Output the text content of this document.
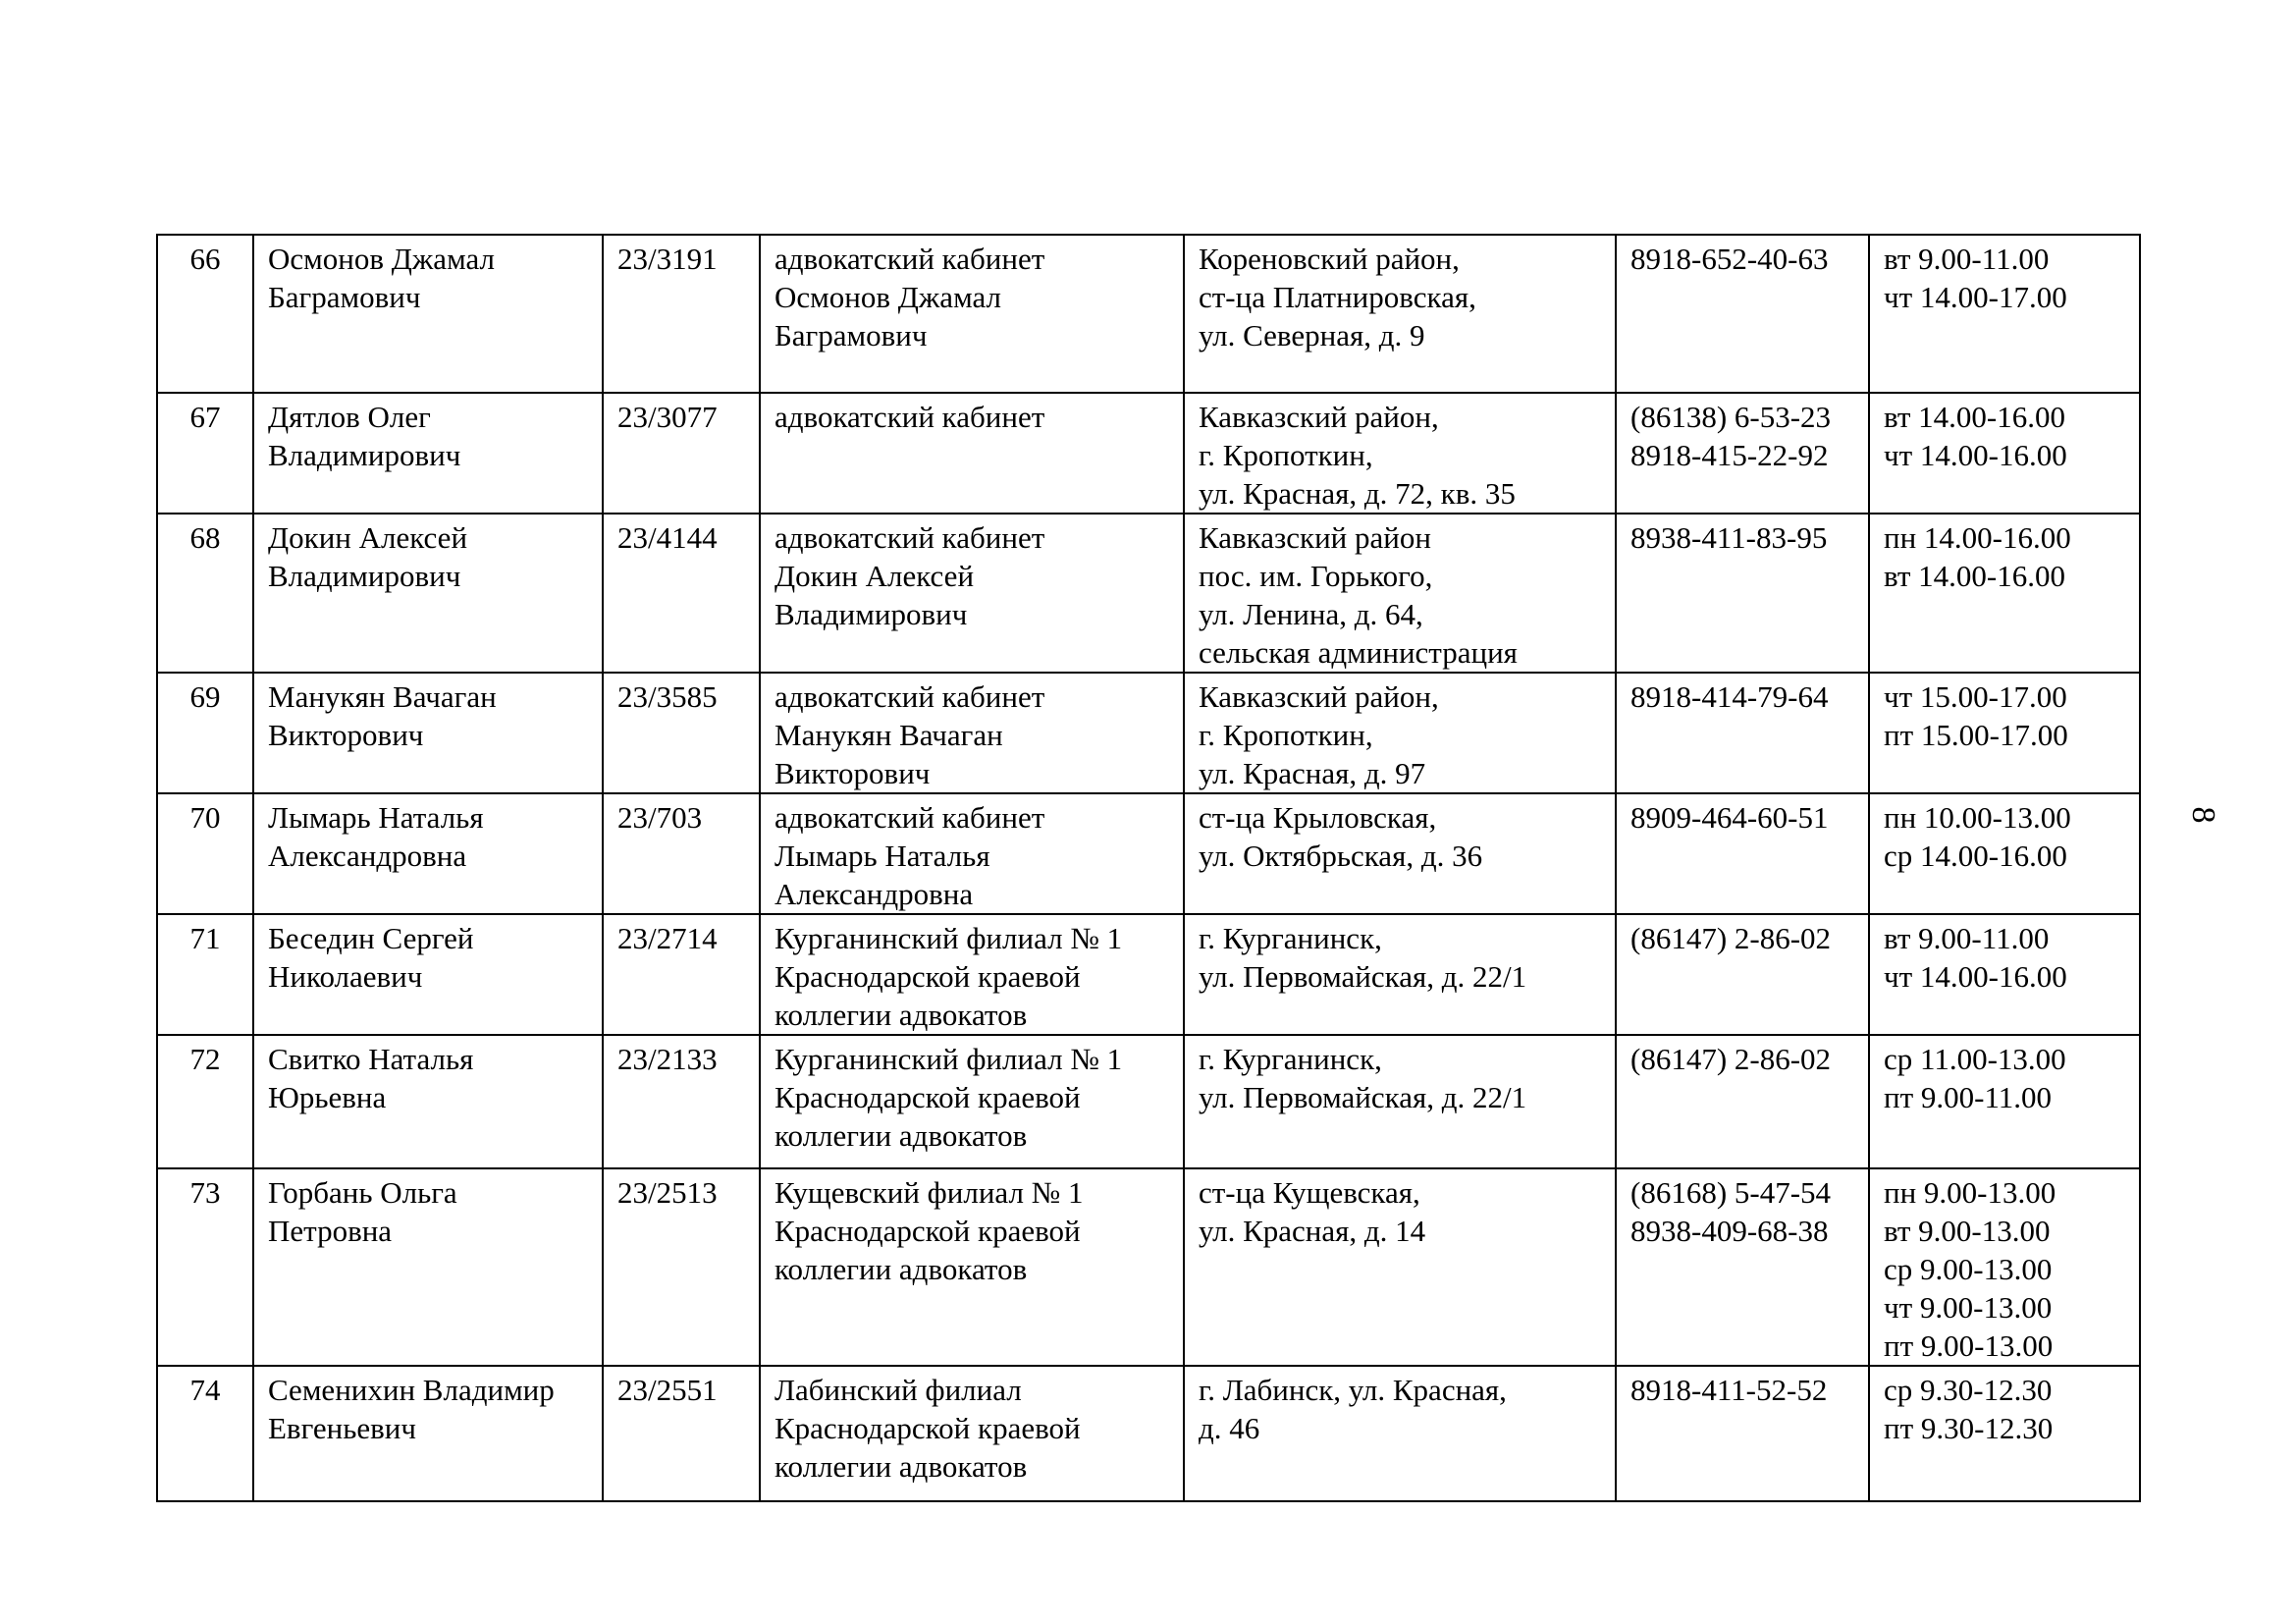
66	Осмонов Джамал
Баграмович	23/3191	адвокатский кабинет
Осмонов Джамал
Баграмович	Кореновский район,
ст-ца Платнировская,
ул. Северная, д. 9	8918-652-40-63	вт 9.00-11.00
чт 14.00-17.00

67	Дятлов Олег
Владимирович	23/3077	адвокатский кабинет	Кавказский район,
г. Кропоткин,
ул. Красная, д. 72, кв. 35	(86138) 6-53-23
8918-415-22-92	вт 14.00-16.00
чт 14.00-16.00

68	Докин Алексей
Владимирович	23/4144	адвокатский кабинет
Докин Алексей
Владимирович	Кавказский район
пос. им. Горького,
ул. Ленина, д. 64,
сельская администрация	8938-411-83-95	пн 14.00-16.00
вт 14.00-16.00

69	Манукян Вачаган
Викторович	23/3585	адвокатский кабинет
Манукян Вачаган
Викторович	Кавказский район,
г. Кропоткин,
ул. Красная, д. 97	8918-414-79-64	чт 15.00-17.00
пт 15.00-17.00

70	Лымарь Наталья
Александровна	23/703	адвокатский кабинет
Лымарь Наталья
Александровна	ст-ца Крыловская,
ул. Октябрьская, д. 36	8909-464-60-51	пн 10.00-13.00
ср 14.00-16.00

71	Беседин Сергей
Николаевич	23/2714	Курганинский филиал № 1
Краснодарской краевой
коллегии адвокатов	г. Курганинск,
ул. Первомайская, д. 22/1	(86147) 2-86-02	вт 9.00-11.00
чт 14.00-16.00

72	Свитко Наталья
Юрьевна	23/2133	Курганинский филиал № 1
Краснодарской краевой
коллегии адвокатов	г. Курганинск,
ул. Первомайская, д. 22/1	(86147) 2-86-02	ср 11.00-13.00
пт 9.00-11.00

73	Горбань Ольга
Петровна	23/2513	Кущевский филиал № 1
Краснодарской краевой
коллегии адвокатов	ст-ца Кущевская,
ул. Красная, д. 14	(86168) 5-47-54
8938-409-68-38	пн 9.00-13.00
вт 9.00-13.00
ср 9.00-13.00
чт 9.00-13.00
пт 9.00-13.00

74	Семенихин Владимир
Евгеньевич	23/2551	Лабинский филиал
Краснодарской краевой
коллегии адвокатов	г. Лабинск, ул. Красная,
д. 46	8918-411-52-52	ср 9.30-12.30
пт 9.30-12.30
8
